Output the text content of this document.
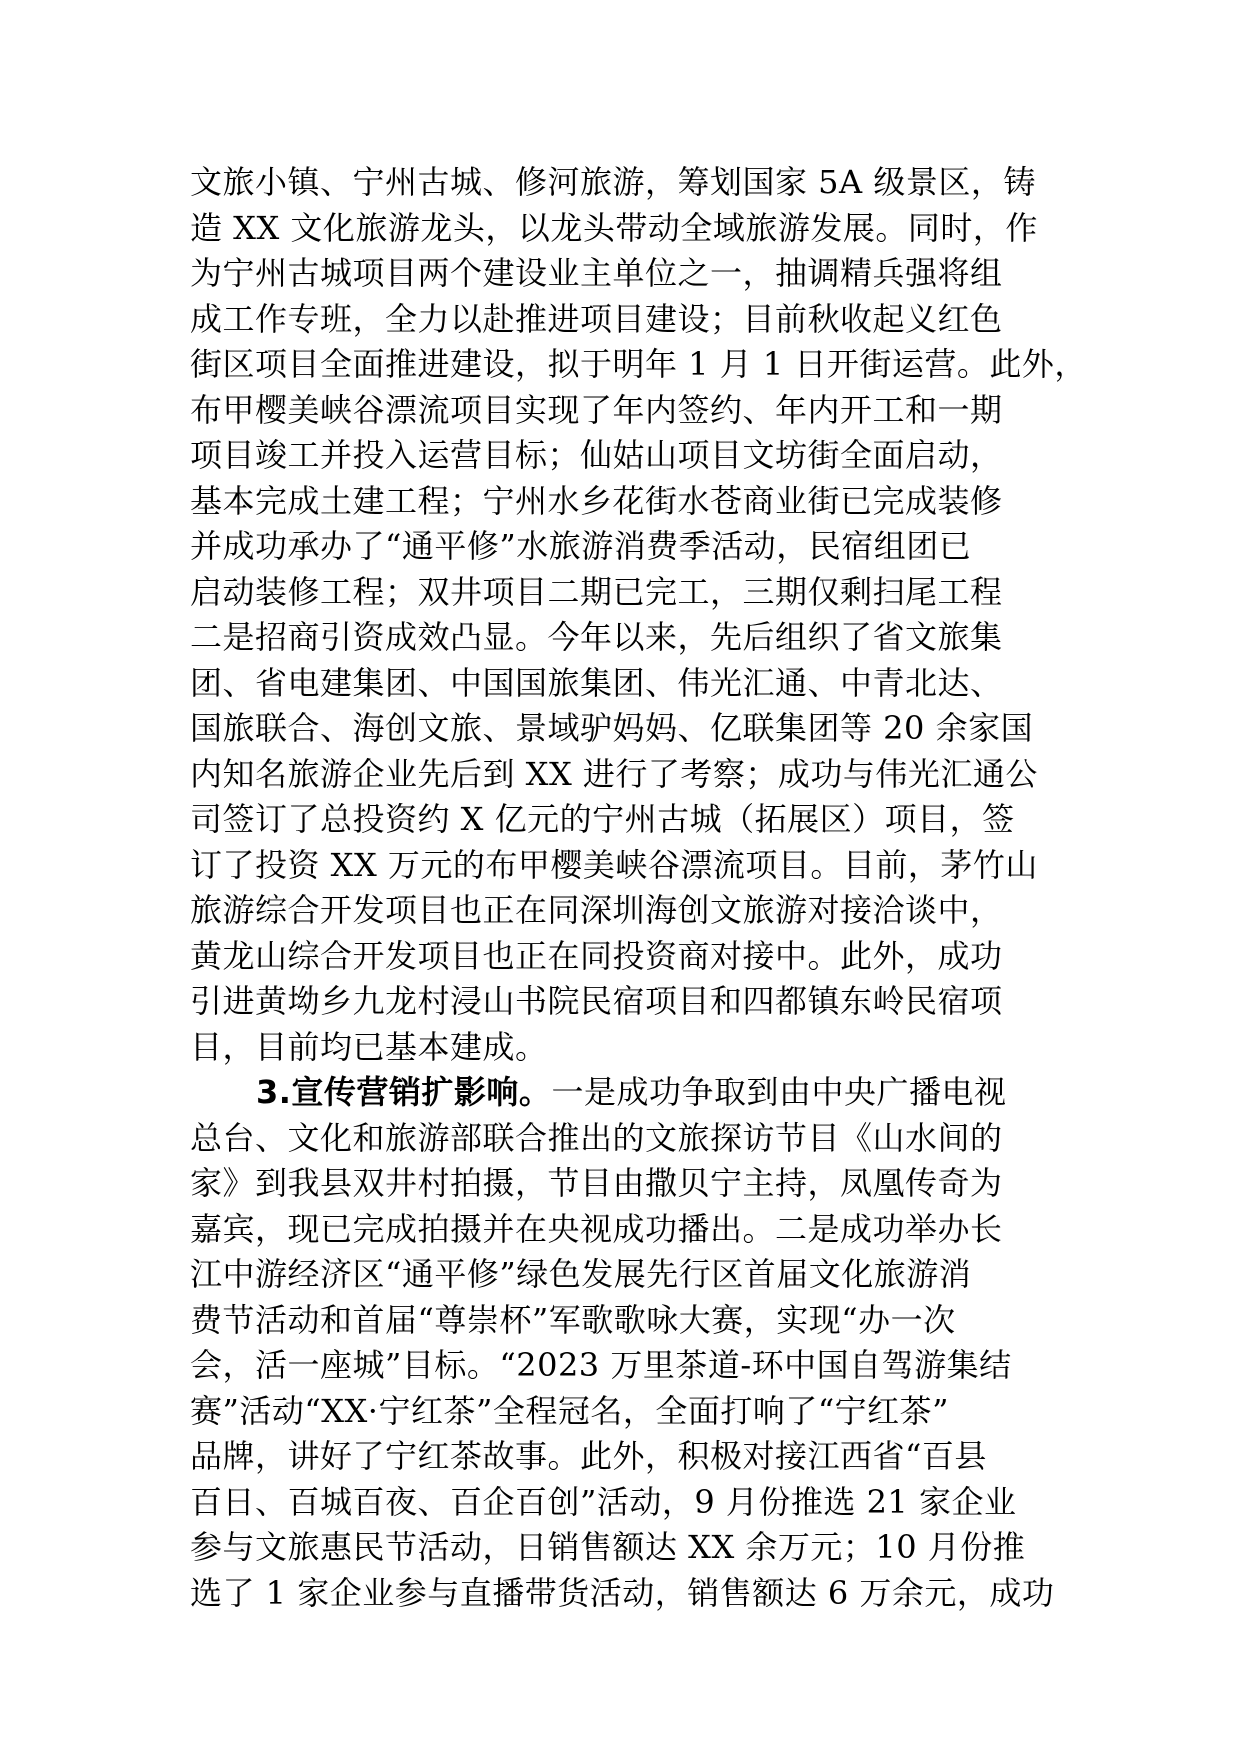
文旅小镇、宁州古城、修河旅游，筹划国家 5A 级景区，铸
造 XX 文化旅游龙头，以龙头带动全域旅游发展。同时，作
为宁州古城项目两个建设业主单位之一，抽调精兵强将组
成工作专班，全力以赴推进项目建设；目前秋收起义红色
街区项目全面推进建设，拟于明年 1 月 1 日开街运营。此外，
布甲樱美峡谷漂流项目实现了年内签约、年内开工和一期
项目竣工并投入运营目标；仙姑山项目文坊街全面启动，
基本完成土建工程；宁州水乡花街水苍商业街已完成装修
并成功承办了“通平修”水旅游消费季活动，民宿组团已
启动装修工程；双井项目二期已完工，三期仅剩扫尾工程
二是招商引资成效凸显。今年以来，先后组织了省文旅集
团、省电建集团、中国国旅集团、伟光汇通、中青北达、
国旅联合、海创文旅、景域驴妈妈、亿联集团等 20 余家国
内知名旅游企业先后到 XX 进行了考察；成功与伟光汇通公
司签订了总投资约 X 亿元的宁州古城（拓展区）项目，签
订了投资 XX 万元的布甲樱美峡谷漂流项目。目前，茅竹山
旅游综合开发项目也正在同深圳海创文旅游对接洽谈中，
黄龙山综合开发项目也正在同投资商对接中。此外，成功
引进黄坳乡九龙村浸山书院民宿项目和四都镇东岭民宿项
目，目前均已基本建成。
3.宣传营销扩影响。一是成功争取到由中央广播电视
总台、文化和旅游部联合推出的文旅探访节目《山水间的
家》到我县双井村拍摄，节目由撒贝宁主持，凤凰传奇为
嘉宾，现已完成拍摄并在央视成功播出。二是成功举办长
江中游经济区“通平修”绿色发展先行区首届文化旅游消
费节活动和首届“尊崇杯”军歌歌咏大赛，实现“办一次
会，活一座城”目标。“2023 万里茶道-环中国自驾游集结
赛”活动“XX·宁红茶”全程冠名，全面打响了“宁红茶”
品牌，讲好了宁红茶故事。此外，积极对接江西省“百县
百日、百城百夜、百企百创”活动，9 月份推选 21 家企业
参与文旅惠民节活动，日销售额达 XX 余万元；10 月份推
选了 1 家企业参与直播带货活动，销售额达 6 万余元，成功
